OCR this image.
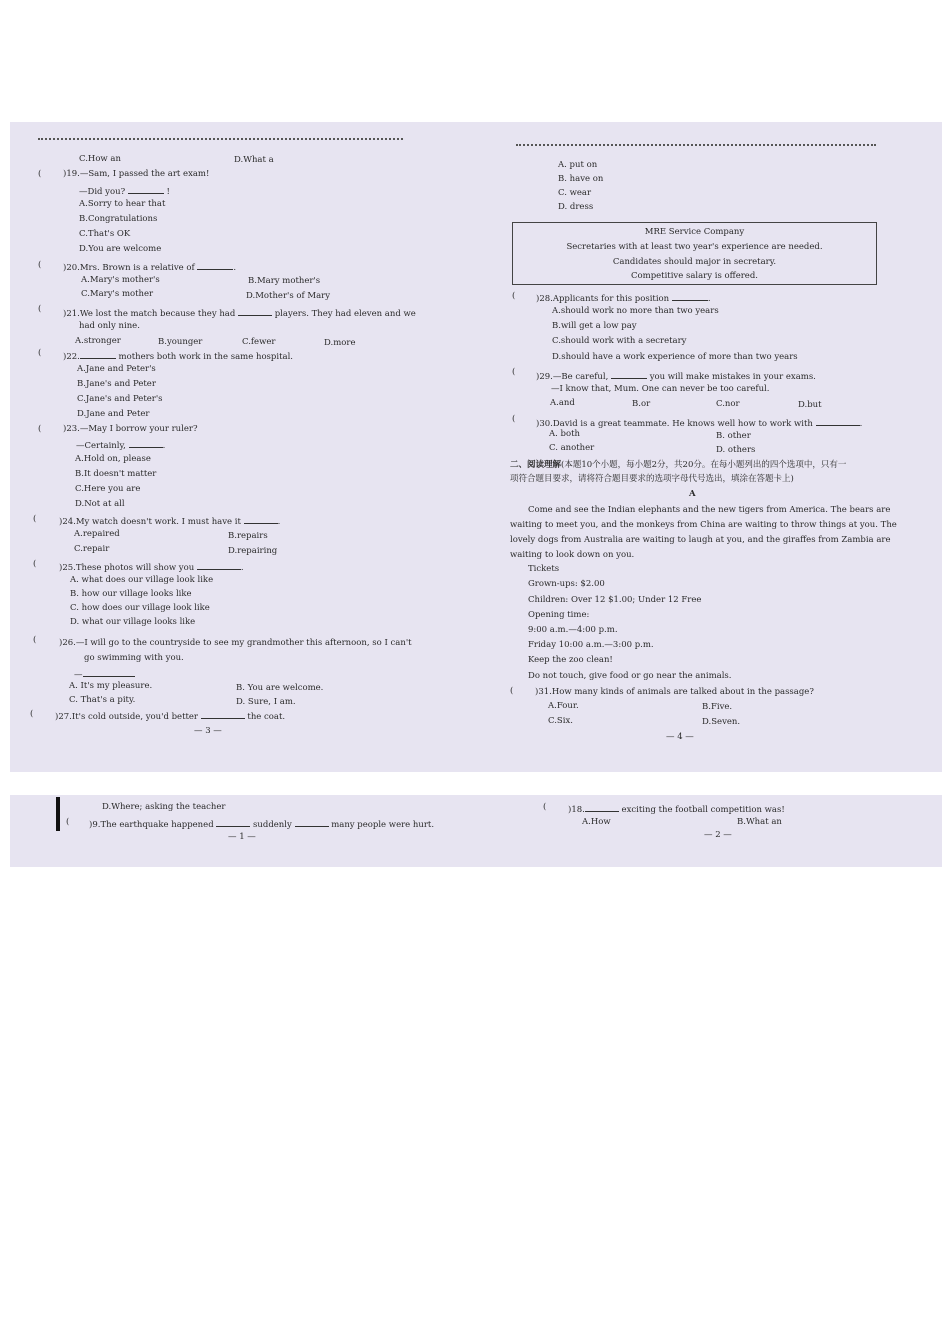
C.How an	D.What a
(	)19.—Sam, I passed the art exam!
—Did you?	!
A.Sorry to hear that
B.Congratulations
C.That's OK
D.You are welcome
(	)20.Mrs. Brown is a relative of	.
A.Mary's mother's	B.Mary mother's
C.Mary's mother	D.Mother's of Mary
(	)21.We lost the match because they had	players. They had eleven and we
had only nine.
A.stronger	B.younger	C.fewer	D.more
(	)22.	mothers both work in the same hospital.
A.Jane and Peter's
B.Jane's and Peter
C.Jane's and Peter's
D.Jane and Peter
(	)23.—May I borrow your ruler?
—Certainly,	.
A.Hold on, please
B.It doesn't matter
C.Here you are
D.Not at all
(	)24.My watch doesn't work. I must have it	.
A.repaired	B.repairs
C.repair	D.repairing
(	)25.These photos will show you	.
A. what does our village look like
B. how our village looks like
C. how does our village look like
D. what our village looks like
(	)26.—I will go to the countryside to see my grandmother this afternoon, so I can't
go swimming with you.
—
A. It's my pleasure.	B. You are welcome.
C. That's a pity.	D. Sure, I am.
(	)27.It's cold outside, you'd better	the coat.
— 3 —
A. put on
B. have on
C. wear
D. dress
MRE Service Company
Secretaries with at least two year's experience are needed.
Candidates should major in secretary.
Competitive salary is offered.
( )28.Applicants for this position	.
A.should work no more than two years
B.will get a low pay
C.should work with a secretary
D.should have a work experience of more than two years
( )29.—Be careful,	you will make mistakes in your exams.
—I know that, Mum. One can never be too careful.
A.and	B.or	C.nor	D.but
( )30.David is a great teammate. He knows well how to work with	.
A. both	B. other
C. another	D. others
二、阅读理解(本题10个小题，每小题2分，共20分。在每小题列出的四个选项中，只有一
项符合题目要求，请将符合题目要求的选项字母代号选出，填涂在答题卡上)
A
Come and see the Indian elephants and the new tigers from America. The bears are
waiting to meet you, and the monkeys from China are waiting to throw things at you. The
lovely dogs from Australia are waiting to laugh at you, and the giraffes from Zambia are
waiting to look down on you.
Tickets
Grown-ups: $2.00
Children: Over 12 $1.00; Under 12 Free
Opening time:
9:00 a.m.—4:00 p.m.
Friday 10:00 a.m.—3:00 p.m.
Keep the zoo clean!
Do not touch, give food or go near the animals.
(	)31.How many kinds of animals are talked about in the passage?
A.Four.	B.Five.
C.Six.	D.Seven.
— 4 —
D.Where; asking the teacher
( )9.The earthquake happened	suddenly	many people were hurt.
— 1 —
(	)18.	exciting the football competition was!
A.How	B.What an
— 2 —
